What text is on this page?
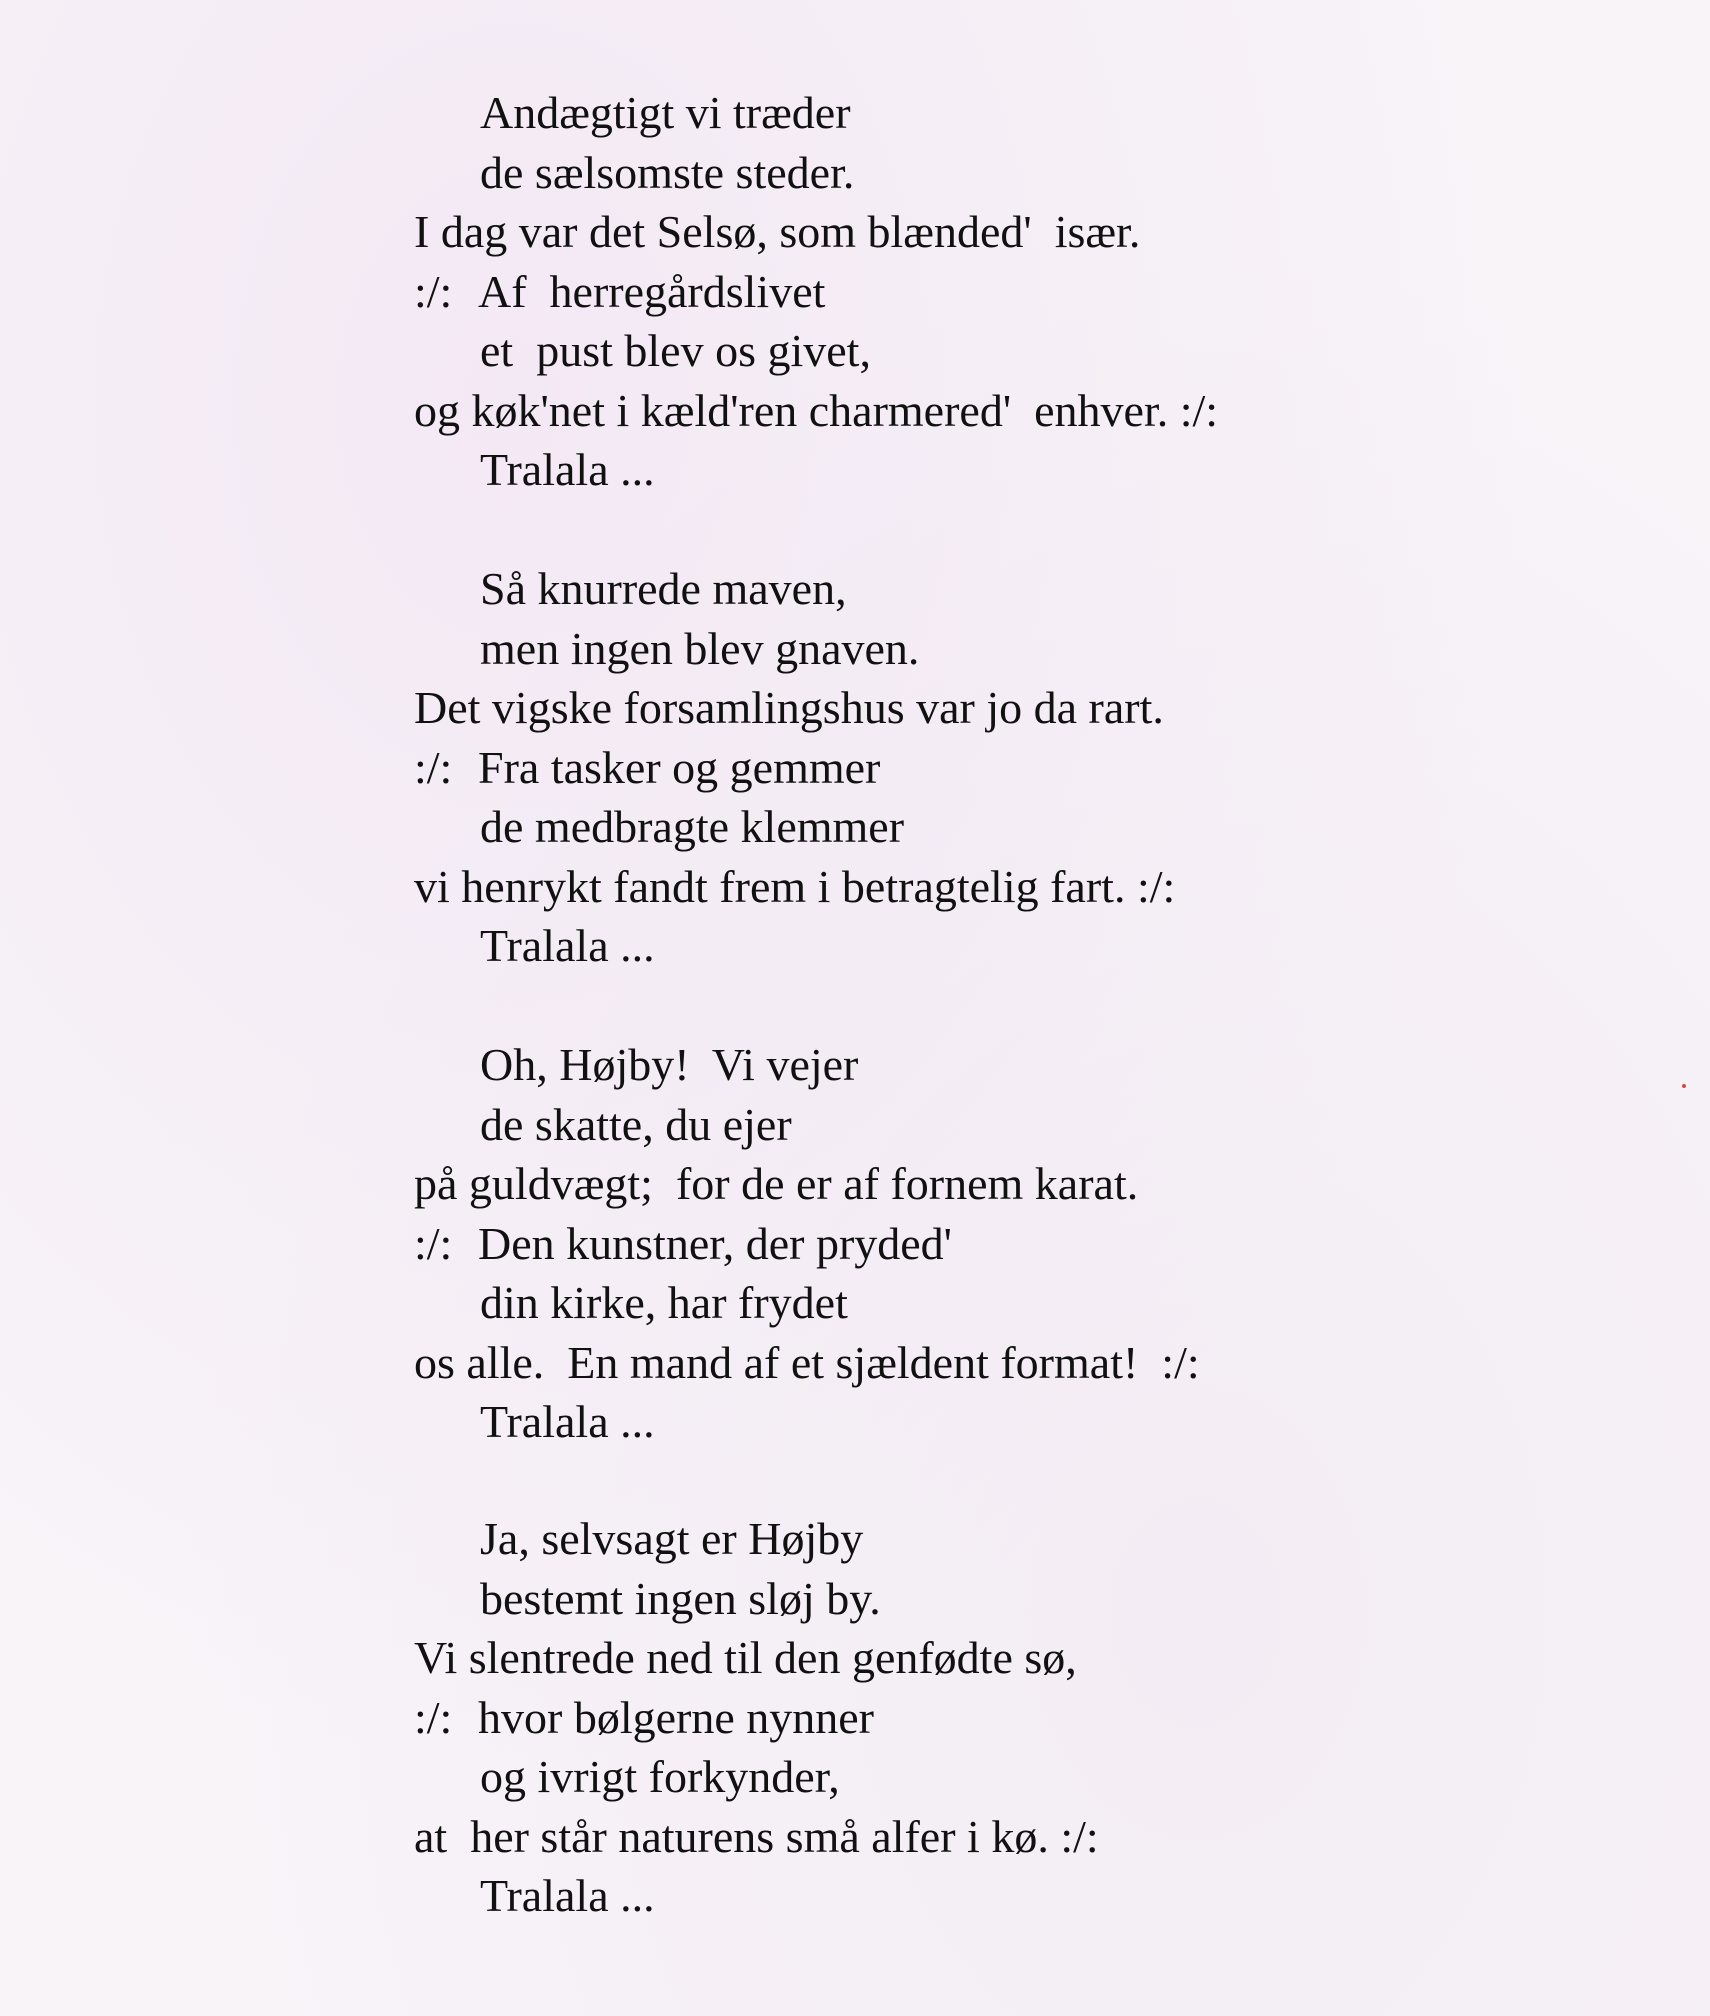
Andægtigt vi træder
de sælsomste steder.
I dag var det Selsø, som blænded'  især.
:/: Af  herregårdslivet
et  pust blev os givet,
og køk'net i kæld'ren charmered'  enhver. :/:
Tralala ...
Så knurrede maven,
men ingen blev gnaven.
Det vigske forsamlingshus var jo da rart.
:/: Fra tasker og gemmer
de medbragte klemmer
vi henrykt fandt frem i betragtelig fart. :/:
Tralala ...
Oh, Højby!  Vi vejer
de skatte, du ejer
på guldvægt;  for de er af fornem karat.
:/: Den kunstner, der pryded'
din kirke, har frydet
os alle.  En mand af et sjældent format!  :/:
Tralala ...
Ja, selvsagt er Højby
bestemt ingen sløj by.
Vi slentrede ned til den genfødte sø,
:/: hvor bølgerne nynner
og ivrigt forkynder,
at  her står naturens små alfer i kø. :/:
Tralala ...
